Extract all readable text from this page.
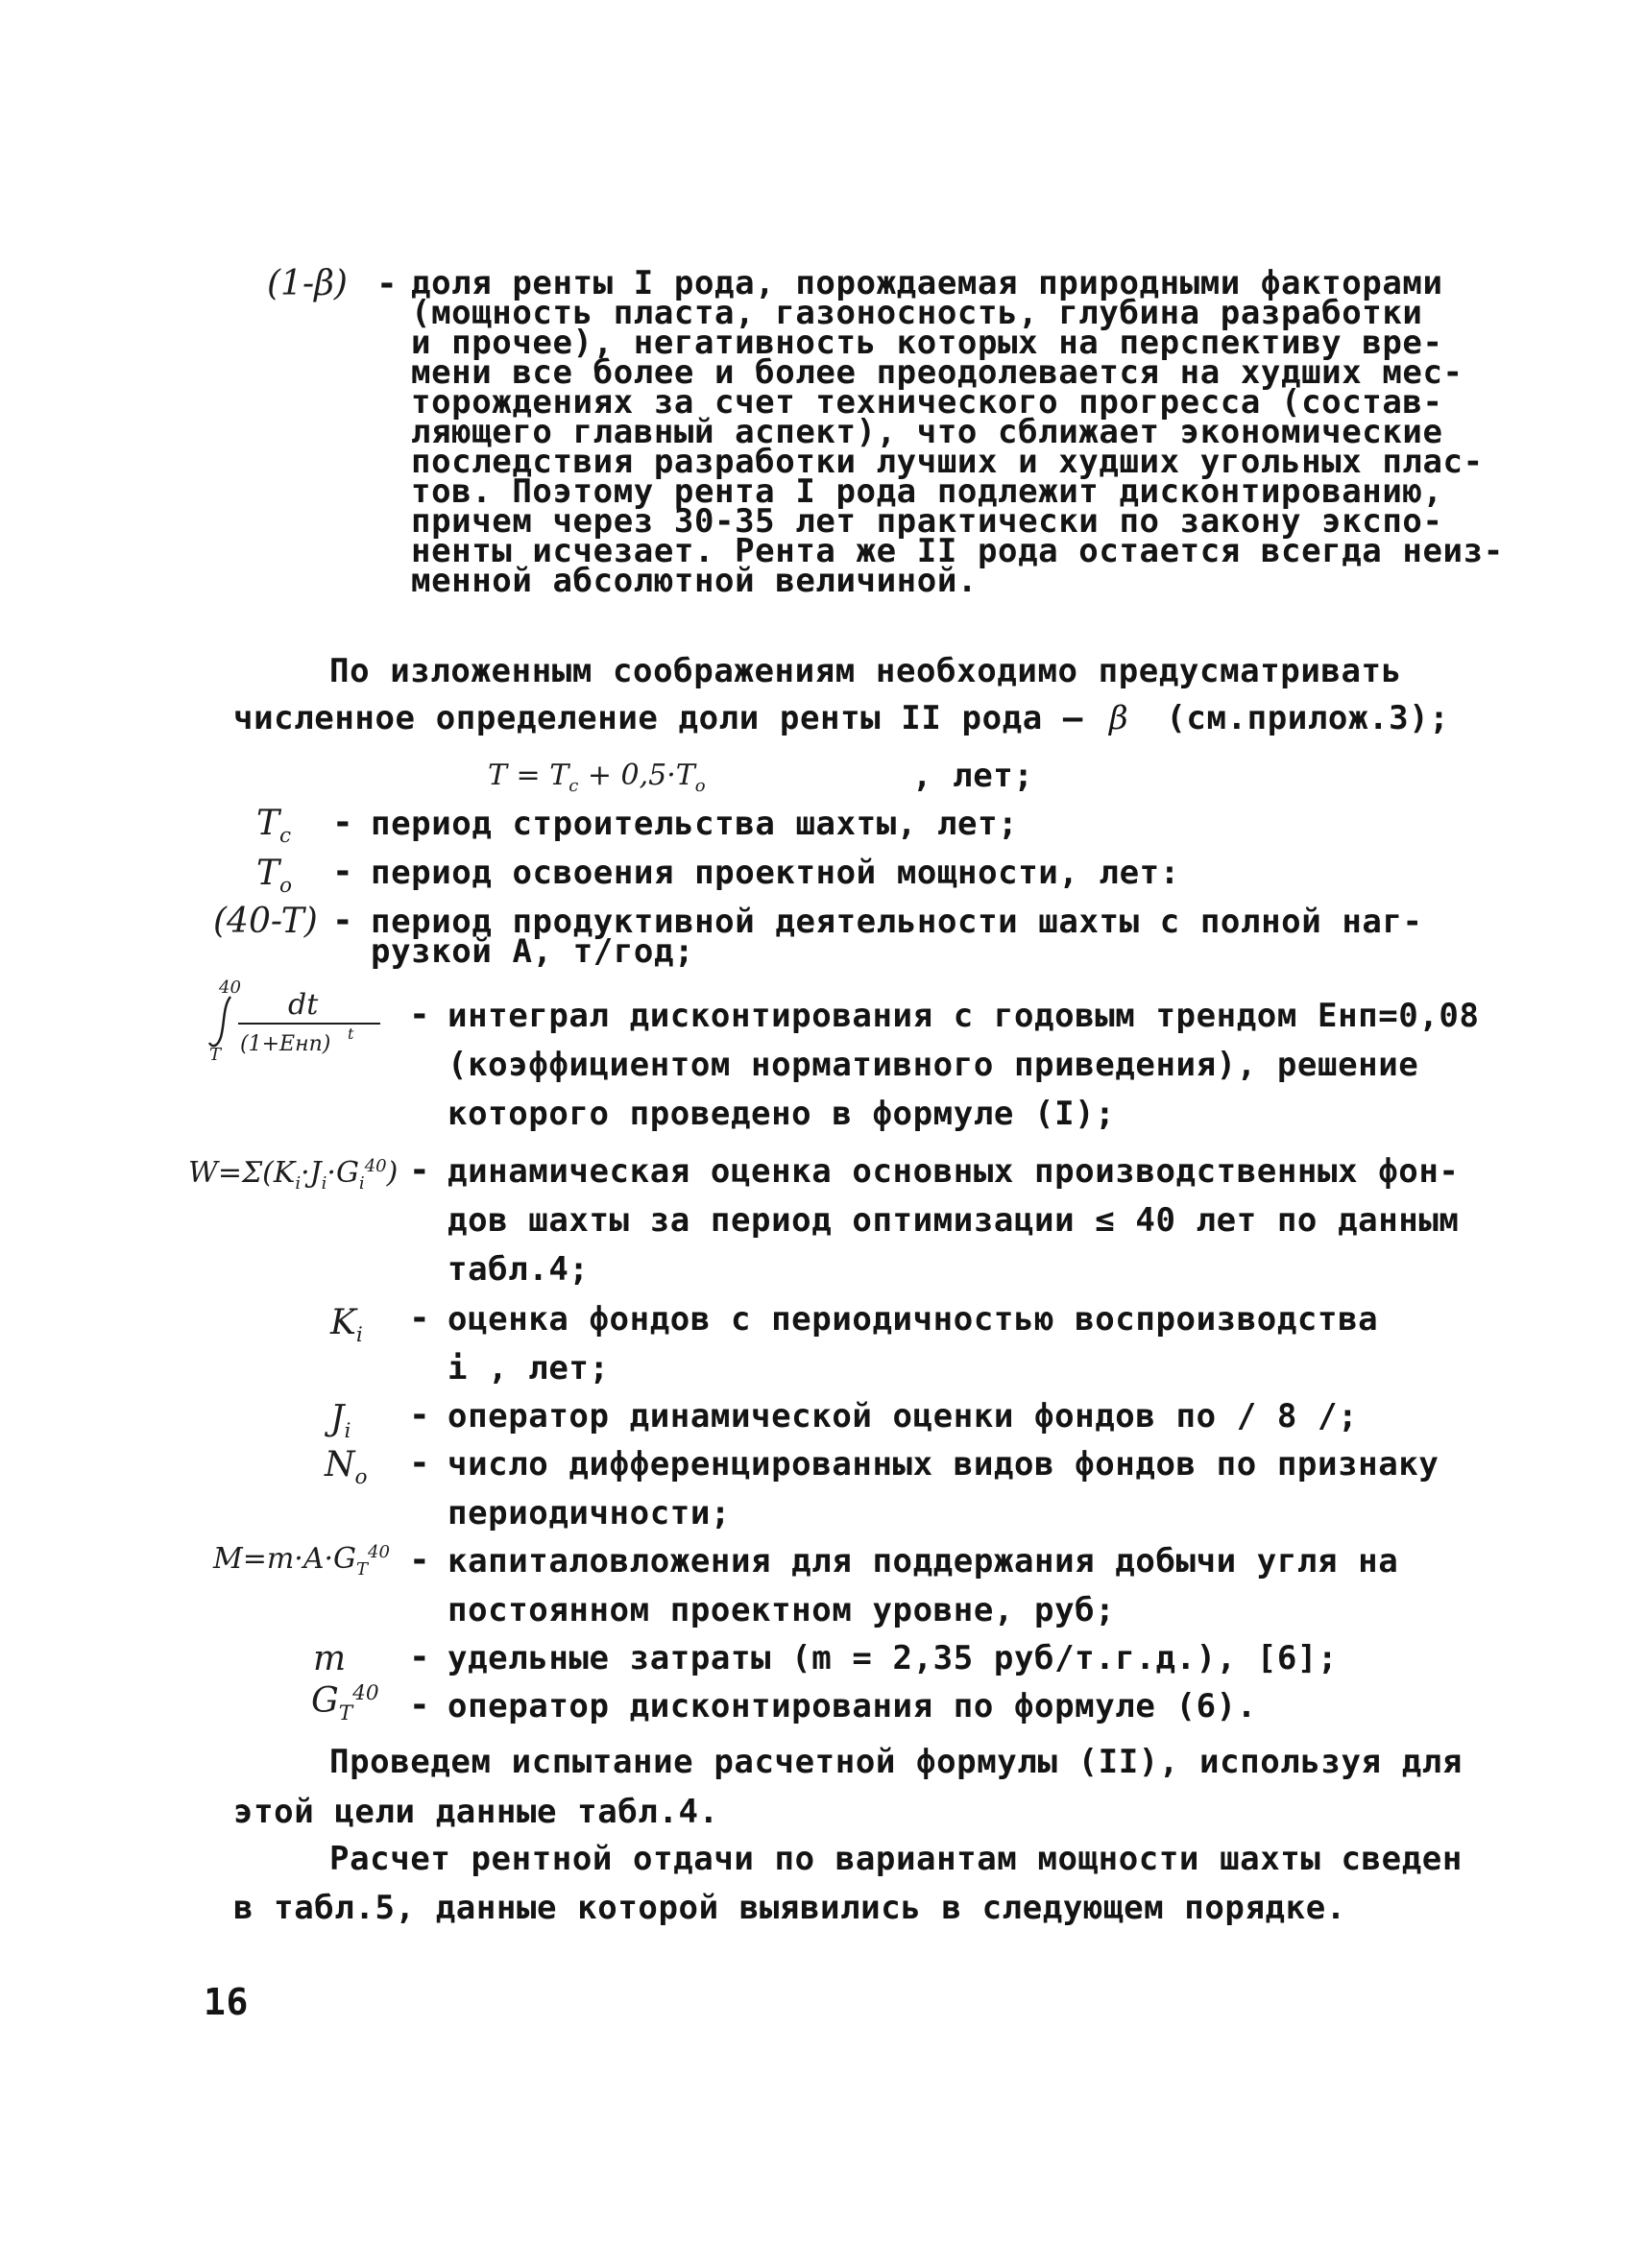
(1-β) - доля ренты I рода, порождаемая природными факторами
(мощность пласта, газоносность, глубина разработки
и прочее), негативность которых на перспективу вре-
мени все более и более преодолевается на худших мес-
торождениях за счет технического прогресса (состав-
ляющего главный аспект), что сближает экономические
последствия разработки лучших и худших угольных плас-
тов. Поэтому рента I рода подлежит дисконтированию,
причем через 30-35 лет практически по закону экспо-
ненты исчезает. Рента же II рода остается всегда неиз-
менной абсолютной величиной.

По изложенным соображениям необходимо предусматривать

численное определение доли ренты II рода – β (см.прилож.3);

$T = T_c + 0,5\cdot T_o$	, лет;
$T_c$ - период строительства шахты, лет;

$T_o$ - период освоения проектной мощности, лет:

(40-T) - период продуктивной деятельности шахты с полной наг-
рузкой А, т/год;
40
T
dt
(1+Eнп) t - интеграл дисконтирования с годовым трендом Eнп=0,08
(коэффициентом нормативного приведения), решение
которого проведено в формуле (I);
$W=\Sigma(K_i\cdot J_i\cdot G_i^{40})$ - динамическая оценка основных производственных фон-
дов шахты за период оптимизации ≤ 40 лет по данным
табл.4;
$K_i$ - оценка фондов с периодичностью воспроизводства
i , лет;
$J_i$ - оператор динамической оценки фондов по / 8 /;

$N_o$ - число дифференцированных видов фондов по признаку
периодичности;
$M=m\cdot A\cdot G_T^{40}$ - капиталовложения для поддержания добычи угля на
постоянном проектном уровне, руб;
m - удельные затраты (m = 2,35 руб/т.г.д.), [6];

$G_T^{40}$ - оператор дисконтирования по формуле (6).

Проведем испытание расчетной формулы (II), используя для

этой цели данные табл.4.

Расчет рентной отдачи по вариантам мощности шахты сведен

в табл.5, данные которой выявились в следующем порядке.

16
